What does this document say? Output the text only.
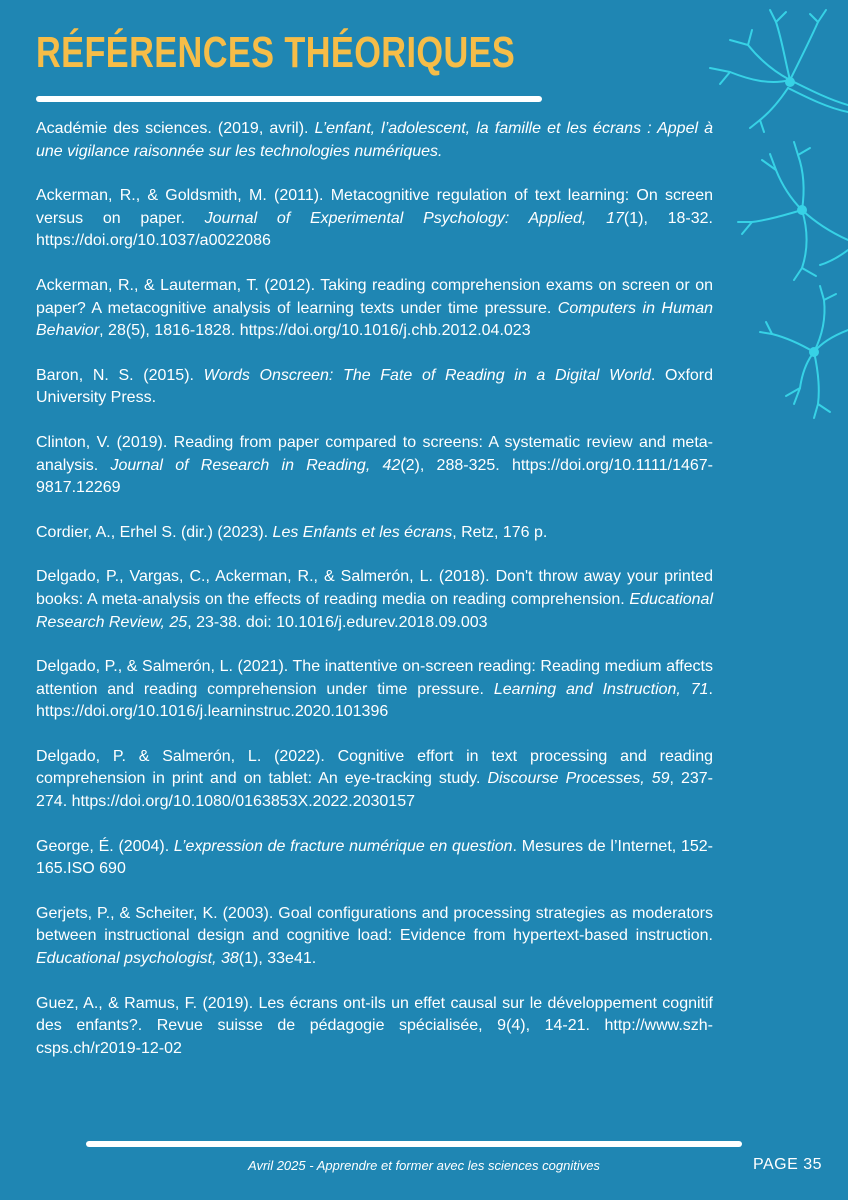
RÉFÉRENCES THÉORIQUES

Académie des sciences. (2019, avril). L’enfant, l’adolescent, la famille et les écrans : Appel à une vigilance raisonnée sur les technologies numériques.

Ackerman, R., & Goldsmith, M. (2011). Metacognitive regulation of text learning: On screen versus on paper. Journal of Experimental Psychology: Applied, 17(1), 18-32. https://doi.org/10.1037/a0022086

Ackerman, R., & Lauterman, T. (2012). Taking reading comprehension exams on screen or on paper? A metacognitive analysis of learning texts under time pressure. Computers in Human Behavior, 28(5), 1816-1828. https://doi.org/10.1016/j.chb.2012.04.023

Baron, N. S. (2015). Words Onscreen: The Fate of Reading in a Digital World. Oxford University Press.

Clinton, V. (2019). Reading from paper compared to screens: A systematic review and meta-analysis. Journal of Research in Reading, 42(2), 288-325. https://doi.org/10.1111/1467-9817.12269

Cordier, A., Erhel S. (dir.) (2023). Les Enfants et les écrans, Retz, 176 p.

Delgado, P., Vargas, C., Ackerman, R., & Salmerón, L. (2018). Don't throw away your printed books: A meta-analysis on the effects of reading media on reading comprehension. Educational Research Review, 25, 23-38. doi: 10.1016/j.edurev.2018.09.003

Delgado, P., & Salmerón, L. (2021). The inattentive on-screen reading: Reading medium affects attention and reading comprehension under time pressure. Learning and Instruction, 71. https://doi.org/10.1016/j.learninstruc.2020.101396

Delgado, P. & Salmerón, L. (2022). Cognitive effort in text processing and reading comprehension in print and on tablet: An eye-tracking study. Discourse Processes, 59, 237-274. https://doi.org/10.1080/0163853X.2022.2030157

George, É. (2004). L’expression de fracture numérique en question. Mesures de l’Internet, 152-165.ISO 690

Gerjets, P., & Scheiter, K. (2003). Goal configurations and processing strategies as moderators between instructional design and cognitive load: Evidence from hypertext-based instruction. Educational psychologist, 38(1), 33e41.

Guez, A., & Ramus, F. (2019). Les écrans ont-ils un effet causal sur le développement cognitif des enfants?. Revue suisse de pédagogie spécialisée, 9(4), 14-21. http://www.szh-csps.ch/r2019-12-02

Avril 2025 - Apprendre et former avec les sciences cognitives	PAGE 35
